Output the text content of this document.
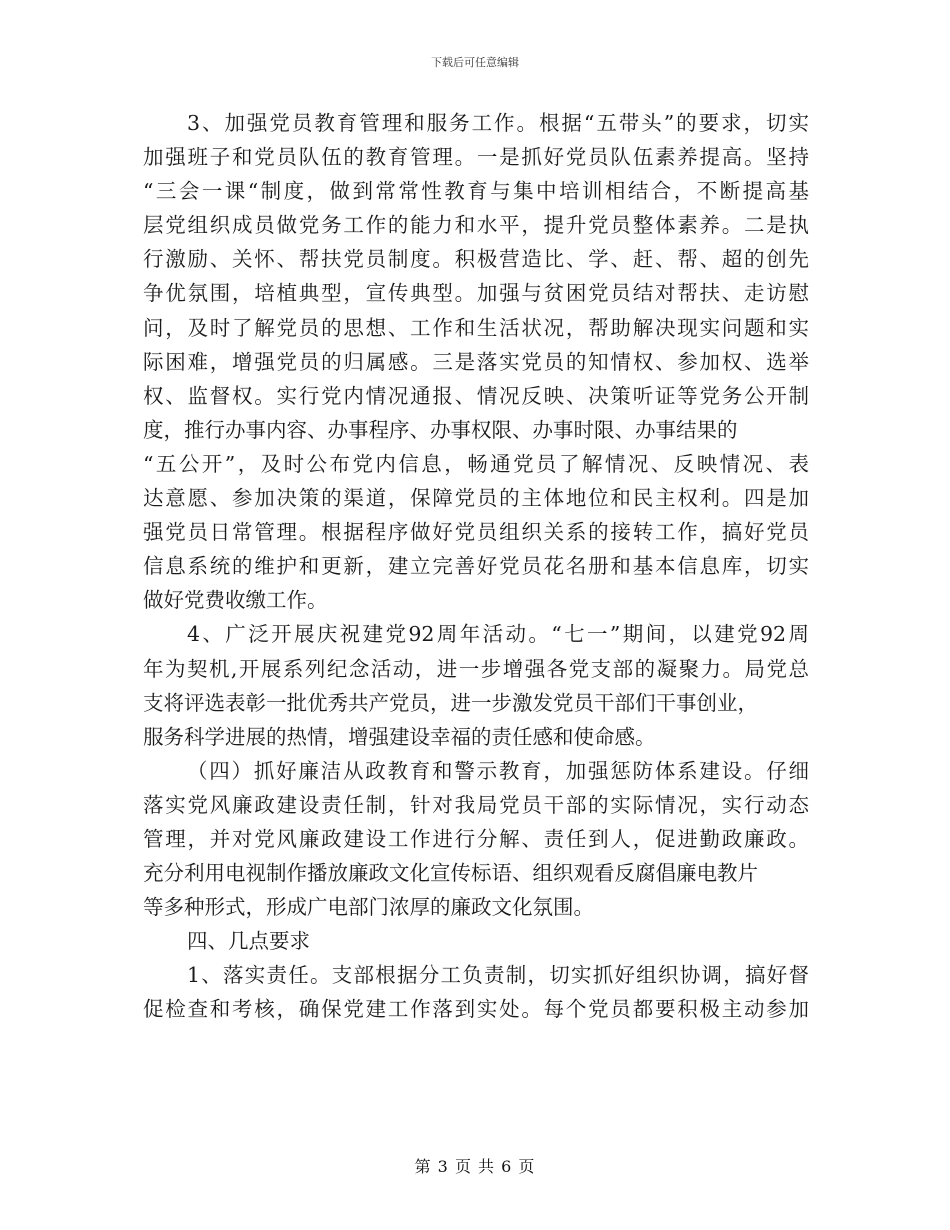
下载后可任意编辑
3、加强党员教育管理和服务工作。根据“五带头”的要求，切实
加强班子和党员队伍的教育管理。一是抓好党员队伍素养提高。坚持
“三会一课“制度，做到常常性教育与集中培训相结合，不断提高基
层党组织成员做党务工作的能力和水平，提升党员整体素养。二是执
行激励、关怀、帮扶党员制度。积极营造比、学、赶、帮、超的创先
争优氛围，培植典型，宣传典型。加强与贫困党员结对帮扶、走访慰
问，及时了解党员的思想、工作和生活状况，帮助解决现实问题和实
际困难，增强党员的归属感。三是落实党员的知情权、参加权、选举
权、监督权。实行党内情况通报、情况反映、决策听证等党务公开制
度，推行办事内容、办事程序、办事权限、办事时限、办事结果的
“五公开”，及时公布党内信息，畅通党员了解情况、反映情况、表
达意愿、参加决策的渠道，保障党员的主体地位和民主权利。四是加
强党员日常管理。根据程序做好党员组织关系的接转工作，搞好党员
信息系统的维护和更新，建立完善好党员花名册和基本信息库，切实
做好党费收缴工作。
4、广泛开展庆祝建党92周年活动。“七一”期间，以建党92周
年为契机,开展系列纪念活动，进一步增强各党支部的凝聚力。局党总
支将评选表彰一批优秀共产党员，进一步激发党员干部们干事创业，
服务科学进展的热情，增强建设幸福的责任感和使命感。
（四）抓好廉洁从政教育和警示教育，加强惩防体系建设。仔细
落实党风廉政建设责任制，针对我局党员干部的实际情况，实行动态
管理，并对党风廉政建设工作进行分解、责任到人，促进勤政廉政。
充分利用电视制作播放廉政文化宣传标语、组织观看反腐倡廉电教片
等多种形式，形成广电部门浓厚的廉政文化氛围。
四、几点要求
1、落实责任。支部根据分工负责制，切实抓好组织协调，搞好督
促检查和考核，确保党建工作落到实处。每个党员都要积极主动参加
第 3 页 共 6 页
